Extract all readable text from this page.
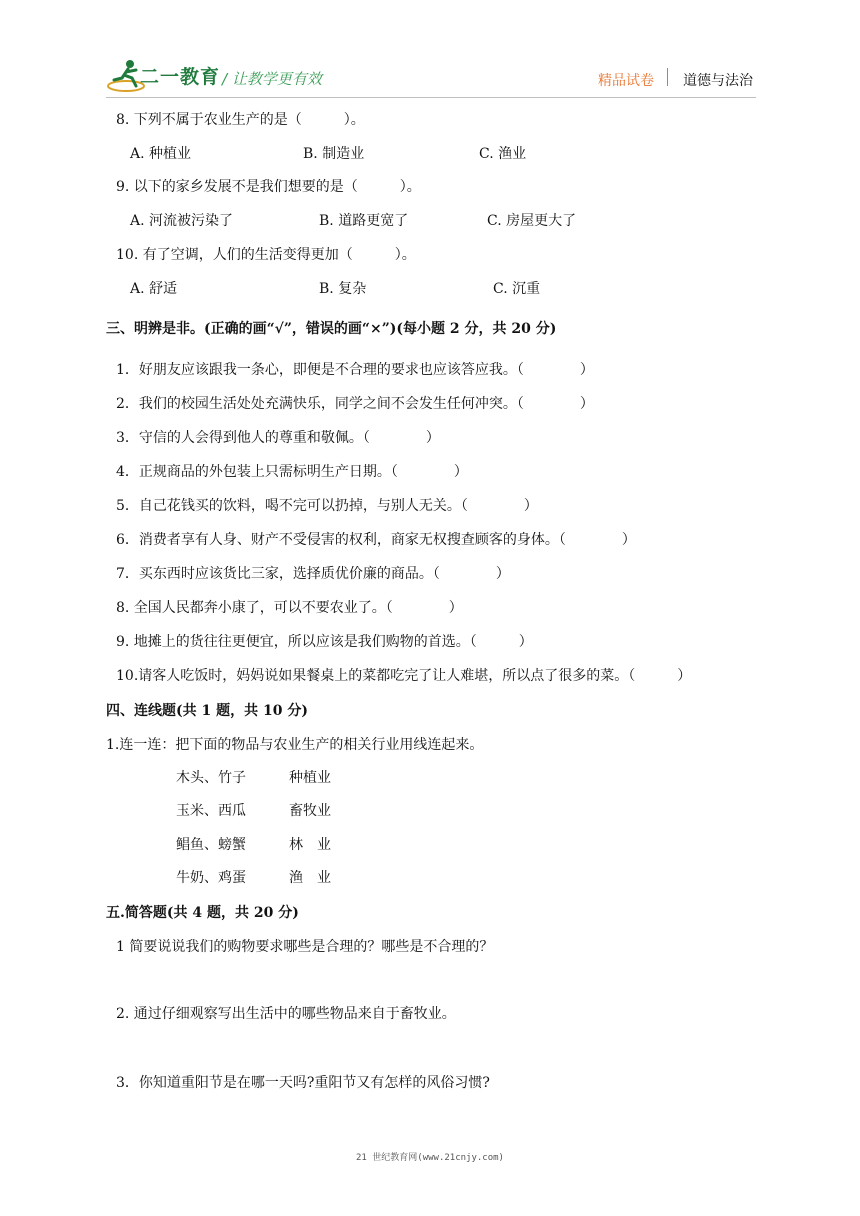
二一教育 / 让教学更有效	精品试卷 道德与法治
8. 下列不属于农业生产的是（　　　）。
A. 种植业	B. 制造业	C. 渔业
9. 以下的家乡发展不是我们想要的是（　　　）。
A. 河流被污染了	B. 道路更宽了	C. 房屋更大了
10. 有了空调，人们的生活变得更加（　　　）。
A. 舒适	B. 复杂	C. 沉重
三、明辨是非。(正确的画“√”，错误的画“×”)(每小题 2 分，共 20 分)
1．好朋友应该跟我一条心，即便是不合理的要求也应该答应我。（　　　　）
2．我们的校园生活处处充满快乐，同学之间不会发生任何冲突。（　　　　）
3．守信的人会得到他人的尊重和敬佩。（　　　　）
4．正规商品的外包装上只需标明生产日期。（　　　　）
5．自己花钱买的饮料，喝不完可以扔掉，与别人无关。（　　　　）
6．消费者享有人身、财产不受侵害的权利，商家无权搜查顾客的身体。（　　　　）
7．买东西时应该货比三家，选择质优价廉的商品。（　　　　）
8. 全国人民都奔小康了，可以不要农业了。（　　　　）
9. 地摊上的货往往更便宜，所以应该是我们购物的首选。（　　　）
10.请客人吃饭时，妈妈说如果餐桌上的菜都吃完了让人难堪，所以点了很多的菜。（　　　）
四、连线题(共 1 题，共 10 分)
1.连一连：把下面的物品与农业生产的相关行业用线连起来。
木头、竹子	种植业
玉米、西瓜	畜牧业
鲳鱼、螃蟹	林　业
牛奶、鸡蛋	渔　业
五.简答题(共 4 题，共 20 分)
1 简要说说我们的购物要求哪些是合理的？哪些是不合理的？
2. 通过仔细观察写出生活中的哪些物品来自于畜牧业。
3．你知道重阳节是在哪一天吗?重阳节又有怎样的风俗习惯?
21 世纪教育网(www.21cnjy.com)
